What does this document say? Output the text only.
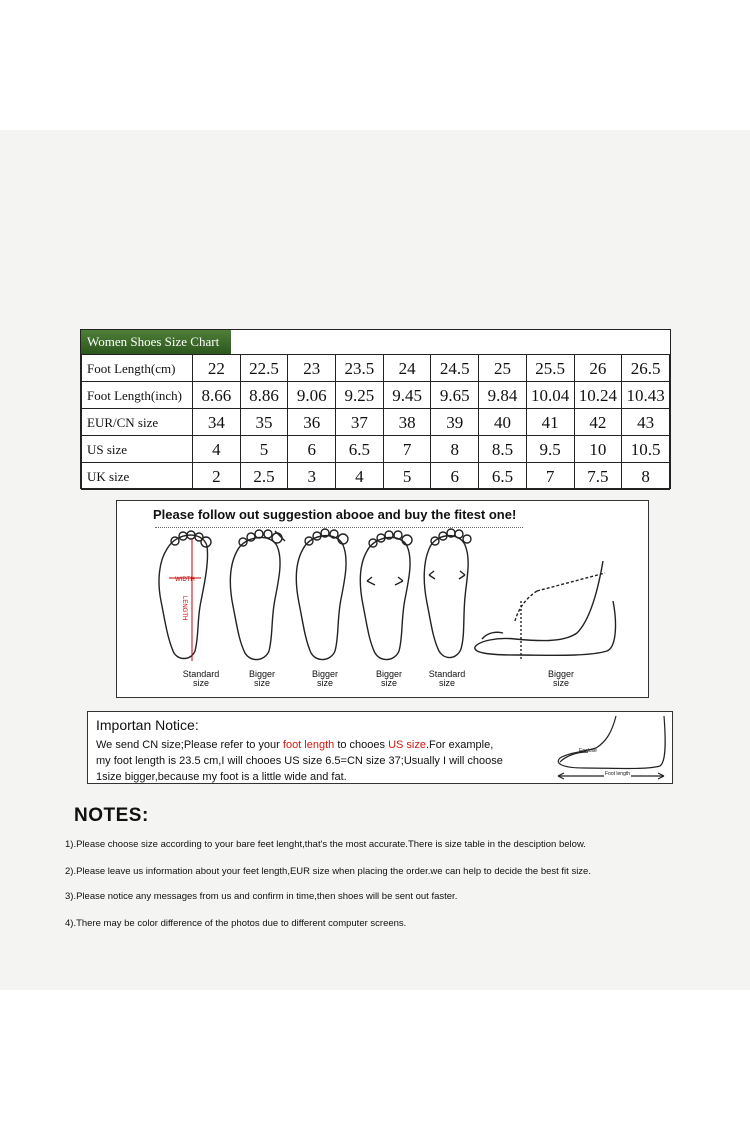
Women Shoes Size Chart
Foot Length(cm)	22	22.5	23	23.5	24	24.5	25	25.5	26	26.5
Foot Length(inch)	8.66	8.86	9.06	9.25	9.45	9.65	9.84	10.04	10.24	10.43
EUR/CN size	34	35	36	37	38	39	40	41	42	43
US size	4	5	6	6.5	7	8	8.5	9.5	10	10.5
UK size	2	2.5	3	4	5	6	6.5	7	7.5	8
Please follow out suggestion abooe and buy the fitest one!
Standard
size
Bigger
size
Bigger
size
Bigger
size
Standard
size
Bigger
size
WIDTH
LENGTH
Importan Notice:
We send CN size;Please refer to your foot length to chooes US size.For example,
my foot length is 23.5 cm,I will chooes US size 6.5=CN size 37;Usually I will choose
1size bigger,because my foot is a little wide and fat.
Enclose
Foot length
NOTES:
1).Please choose size according to your bare feet lenght,that's the most accurate.There is size table in the desciption below.
2).Please leave us information about your feet length,EUR size when placing the order.we can help to decide the best fit size.
3).Please notice any messages from us and confirm in time,then shoes will be sent out faster.
4).There may be color difference of the photos due to different computer screens.
